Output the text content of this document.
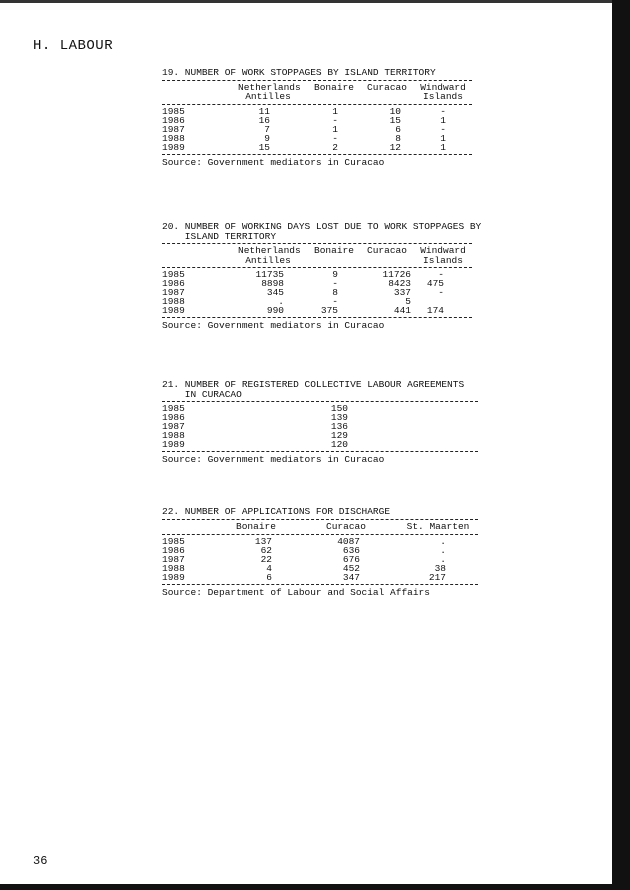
H. LABOUR
19. NUMBER OF WORK STOPPAGES BY ISLAND TERRITORY
Netherlands
Antilles
Bonaire	Curacao Windward
Islands
1985	11	1	10	-
1986	16	-	15	1
1987	7	1	6	-
1988	9	-	8	1
1989	15	2	12	1
Source: Government mediators in Curacao
20. NUMBER OF WORKING DAYS LOST DUE TO WORK STOPPAGES BY
ISLAND TERRITORY
Netherlands
Antilles
Bonaire	Curacao Windward
Islands
1985	11735	9	11726	-
1986	8898	-	8423	475
1987	345	8	337	-
1988	.	-	5
1989	990	375	441	174
Source: Government mediators in Curacao
21. NUMBER OF REGISTERED COLLECTIVE LABOUR AGREEMENTS
IN CURACAO
1985	150
1986	139
1987	136
1988	129
1989	120
Source: Government mediators in Curacao
22. NUMBER OF APPLICATIONS FOR DISCHARGE
Bonaire	Curacao	St. Maarten
1985	137	4087	.
1986	62	636	.
1987	22	676	.
1988	4	452	38
1989	6	347	217
Source: Department of Labour and Social Affairs
36
